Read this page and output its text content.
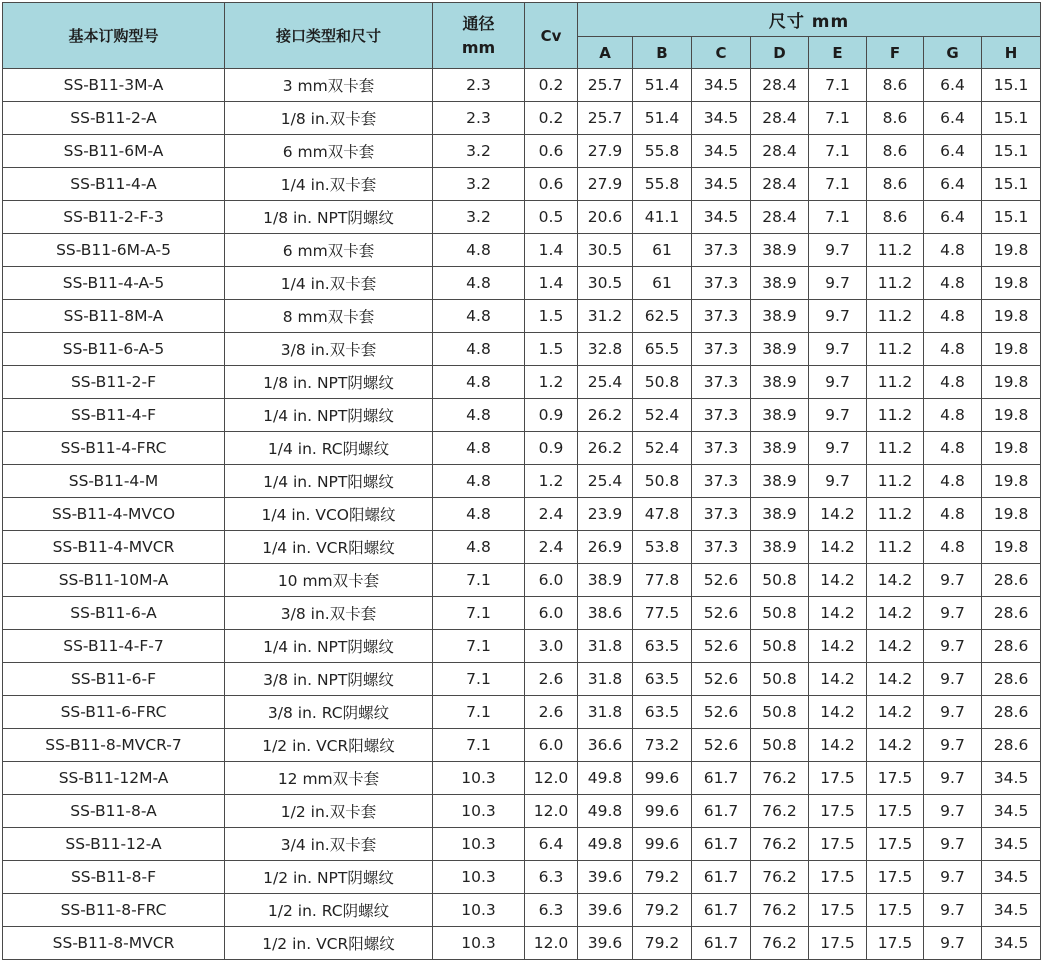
基本订购型号	接口类型和尺寸	通径
mm	Cv	尺寸 mm							
				A	B	C	D	E	F	G	H
SS-B11-3M-A	3 mm双卡套	2.3	0.2	25.7	51.4	34.5	28.4	7.1	8.6	6.4	15.1
SS-B11-2-A	1/8 in.双卡套	2.3	0.2	25.7	51.4	34.5	28.4	7.1	8.6	6.4	15.1
SS-B11-6M-A	6 mm双卡套	3.2	0.6	27.9	55.8	34.5	28.4	7.1	8.6	6.4	15.1
SS-B11-4-A	1/4 in.双卡套	3.2	0.6	27.9	55.8	34.5	28.4	7.1	8.6	6.4	15.1
SS-B11-2-F-3	1/8 in. NPT阴螺纹	3.2	0.5	20.6	41.1	34.5	28.4	7.1	8.6	6.4	15.1
SS-B11-6M-A-5	6 mm双卡套	4.8	1.4	30.5	61	37.3	38.9	9.7	11.2	4.8	19.8
SS-B11-4-A-5	1/4 in.双卡套	4.8	1.4	30.5	61	37.3	38.9	9.7	11.2	4.8	19.8
SS-B11-8M-A	8 mm双卡套	4.8	1.5	31.2	62.5	37.3	38.9	9.7	11.2	4.8	19.8
SS-B11-6-A-5	3/8 in.双卡套	4.8	1.5	32.8	65.5	37.3	38.9	9.7	11.2	4.8	19.8
SS-B11-2-F	1/8 in. NPT阴螺纹	4.8	1.2	25.4	50.8	37.3	38.9	9.7	11.2	4.8	19.8
SS-B11-4-F	1/4 in. NPT阴螺纹	4.8	0.9	26.2	52.4	37.3	38.9	9.7	11.2	4.8	19.8
SS-B11-4-FRC	1/4 in. RC阴螺纹	4.8	0.9	26.2	52.4	37.3	38.9	9.7	11.2	4.8	19.8
SS-B11-4-M	1/4 in. NPT阳螺纹	4.8	1.2	25.4	50.8	37.3	38.9	9.7	11.2	4.8	19.8
SS-B11-4-MVCO	1/4 in. VCO阳螺纹	4.8	2.4	23.9	47.8	37.3	38.9	14.2	11.2	4.8	19.8
SS-B11-4-MVCR	1/4 in. VCR阳螺纹	4.8	2.4	26.9	53.8	37.3	38.9	14.2	11.2	4.8	19.8
SS-B11-10M-A	10 mm双卡套	7.1	6.0	38.9	77.8	52.6	50.8	14.2	14.2	9.7	28.6
SS-B11-6-A	3/8 in.双卡套	7.1	6.0	38.6	77.5	52.6	50.8	14.2	14.2	9.7	28.6
SS-B11-4-F-7	1/4 in. NPT阴螺纹	7.1	3.0	31.8	63.5	52.6	50.8	14.2	14.2	9.7	28.6
SS-B11-6-F	3/8 in. NPT阴螺纹	7.1	2.6	31.8	63.5	52.6	50.8	14.2	14.2	9.7	28.6
SS-B11-6-FRC	3/8 in. RC阴螺纹	7.1	2.6	31.8	63.5	52.6	50.8	14.2	14.2	9.7	28.6
SS-B11-8-MVCR-7	1/2 in. VCR阳螺纹	7.1	6.0	36.6	73.2	52.6	50.8	14.2	14.2	9.7	28.6
SS-B11-12M-A	12 mm双卡套	10.3	12.0	49.8	99.6	61.7	76.2	17.5	17.5	9.7	34.5
SS-B11-8-A	1/2 in.双卡套	10.3	12.0	49.8	99.6	61.7	76.2	17.5	17.5	9.7	34.5
SS-B11-12-A	3/4 in.双卡套	10.3	6.4	49.8	99.6	61.7	76.2	17.5	17.5	9.7	34.5
SS-B11-8-F	1/2 in. NPT阴螺纹	10.3	6.3	39.6	79.2	61.7	76.2	17.5	17.5	9.7	34.5
SS-B11-8-FRC	1/2 in. RC阴螺纹	10.3	6.3	39.6	79.2	61.7	76.2	17.5	17.5	9.7	34.5
SS-B11-8-MVCR	1/2 in. VCR阳螺纹	10.3	12.0	39.6	79.2	61.7	76.2	17.5	17.5	9.7	34.5
